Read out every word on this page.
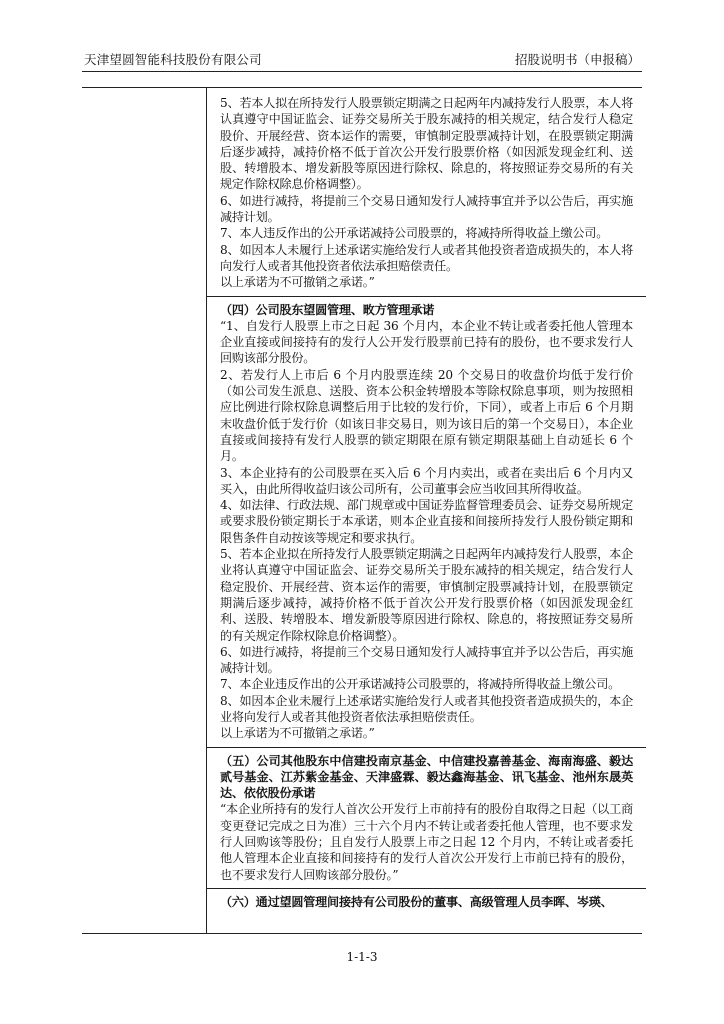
天津望圆智能科技股份有限公司	招股说明书（申报稿）

5、若本人拟在所持发行人股票锁定期满之日起两年内减持发行人股票，本人将认真遵守中国证监会、证券交易所关于股东减持的相关规定，结合发行人稳定股价、开展经营、资本运作的需要，审慎制定股票减持计划，在股票锁定期满后逐步减持，减持价格不低于首次公开发行股票价格（如因派发现金红利、送股、转增股本、增发新股等原因进行除权、除息的，将按照证券交易所的有关规定作除权除息价格调整）。

6、如进行减持，将提前三个交易日通知发行人减持事宜并予以公告后，再实施减持计划。

7、本人违反作出的公开承诺减持公司股票的，将减持所得收益上缴公司。

8、如因本人未履行上述承诺实施给发行人或者其他投资者造成损失的，本人将向发行人或者其他投资者依法承担赔偿责任。

以上承诺为不可撤销之承诺。”

（四）公司股东望圆管理、畋方管理承诺

“1、自发行人股票上市之日起 36 个月内，本企业不转让或者委托他人管理本企业直接或间接持有的发行人公开发行股票前已持有的股份，也不要求发行人回购该部分股份。

2、若发行人上市后 6 个月内股票连续 20 个交易日的收盘价均低于发行价（如公司发生派息、送股、资本公积金转增股本等除权除息事项，则为按照相应比例进行除权除息调整后用于比较的发行价，下同），或者上市后 6 个月期末收盘价低于发行价（如该日非交易日，则为该日后的第一个交易日），本企业直接或间接持有发行人股票的锁定期限在原有锁定期限基础上自动延长 6 个月。

3、本企业持有的公司股票在买入后 6 个月内卖出，或者在卖出后 6 个月内又买入，由此所得收益归该公司所有，公司董事会应当收回其所得收益。

4、如法律、行政法规、部门规章或中国证券监督管理委员会、证券交易所规定或要求股份锁定期长于本承诺，则本企业直接和间接所持发行人股份锁定期和限售条件自动按该等规定和要求执行。

5、若本企业拟在所持发行人股票锁定期满之日起两年内减持发行人股票，本企业将认真遵守中国证监会、证券交易所关于股东减持的相关规定，结合发行人稳定股价、开展经营、资本运作的需要，审慎制定股票减持计划，在股票锁定期满后逐步减持，减持价格不低于首次公开发行股票价格（如因派发现金红利、送股、转增股本、增发新股等原因进行除权、除息的，将按照证券交易所的有关规定作除权除息价格调整）。

6、如进行减持，将提前三个交易日通知发行人减持事宜并予以公告后，再实施减持计划。

7、本企业违反作出的公开承诺减持公司股票的，将减持所得收益上缴公司。

8、如因本企业未履行上述承诺实施给发行人或者其他投资者造成损失的，本企业将向发行人或者其他投资者依法承担赔偿责任。

以上承诺为不可撤销之承诺。”

（五）公司其他股东中信建投南京基金、中信建投嘉善基金、海南海盛、毅达贰号基金、江苏紫金基金、天津盛霖、毅达鑫海基金、讯飞基金、池州东晟英达、依依股份承诺

“本企业所持有的发行人首次公开发行上市前持有的股份自取得之日起（以工商变更登记完成之日为准）三十六个月内不转让或者委托他人管理，也不要求发行人回购该等股份；且自发行人股票上市之日起 12 个月内，不转让或者委托他人管理本企业直接和间接持有的发行人首次公开发行上市前已持有的股份，也不要求发行人回购该部分股份。”

（六）通过望圆管理间接持有公司股份的董事、高级管理人员李晖、岑瑛、

1-1-3
